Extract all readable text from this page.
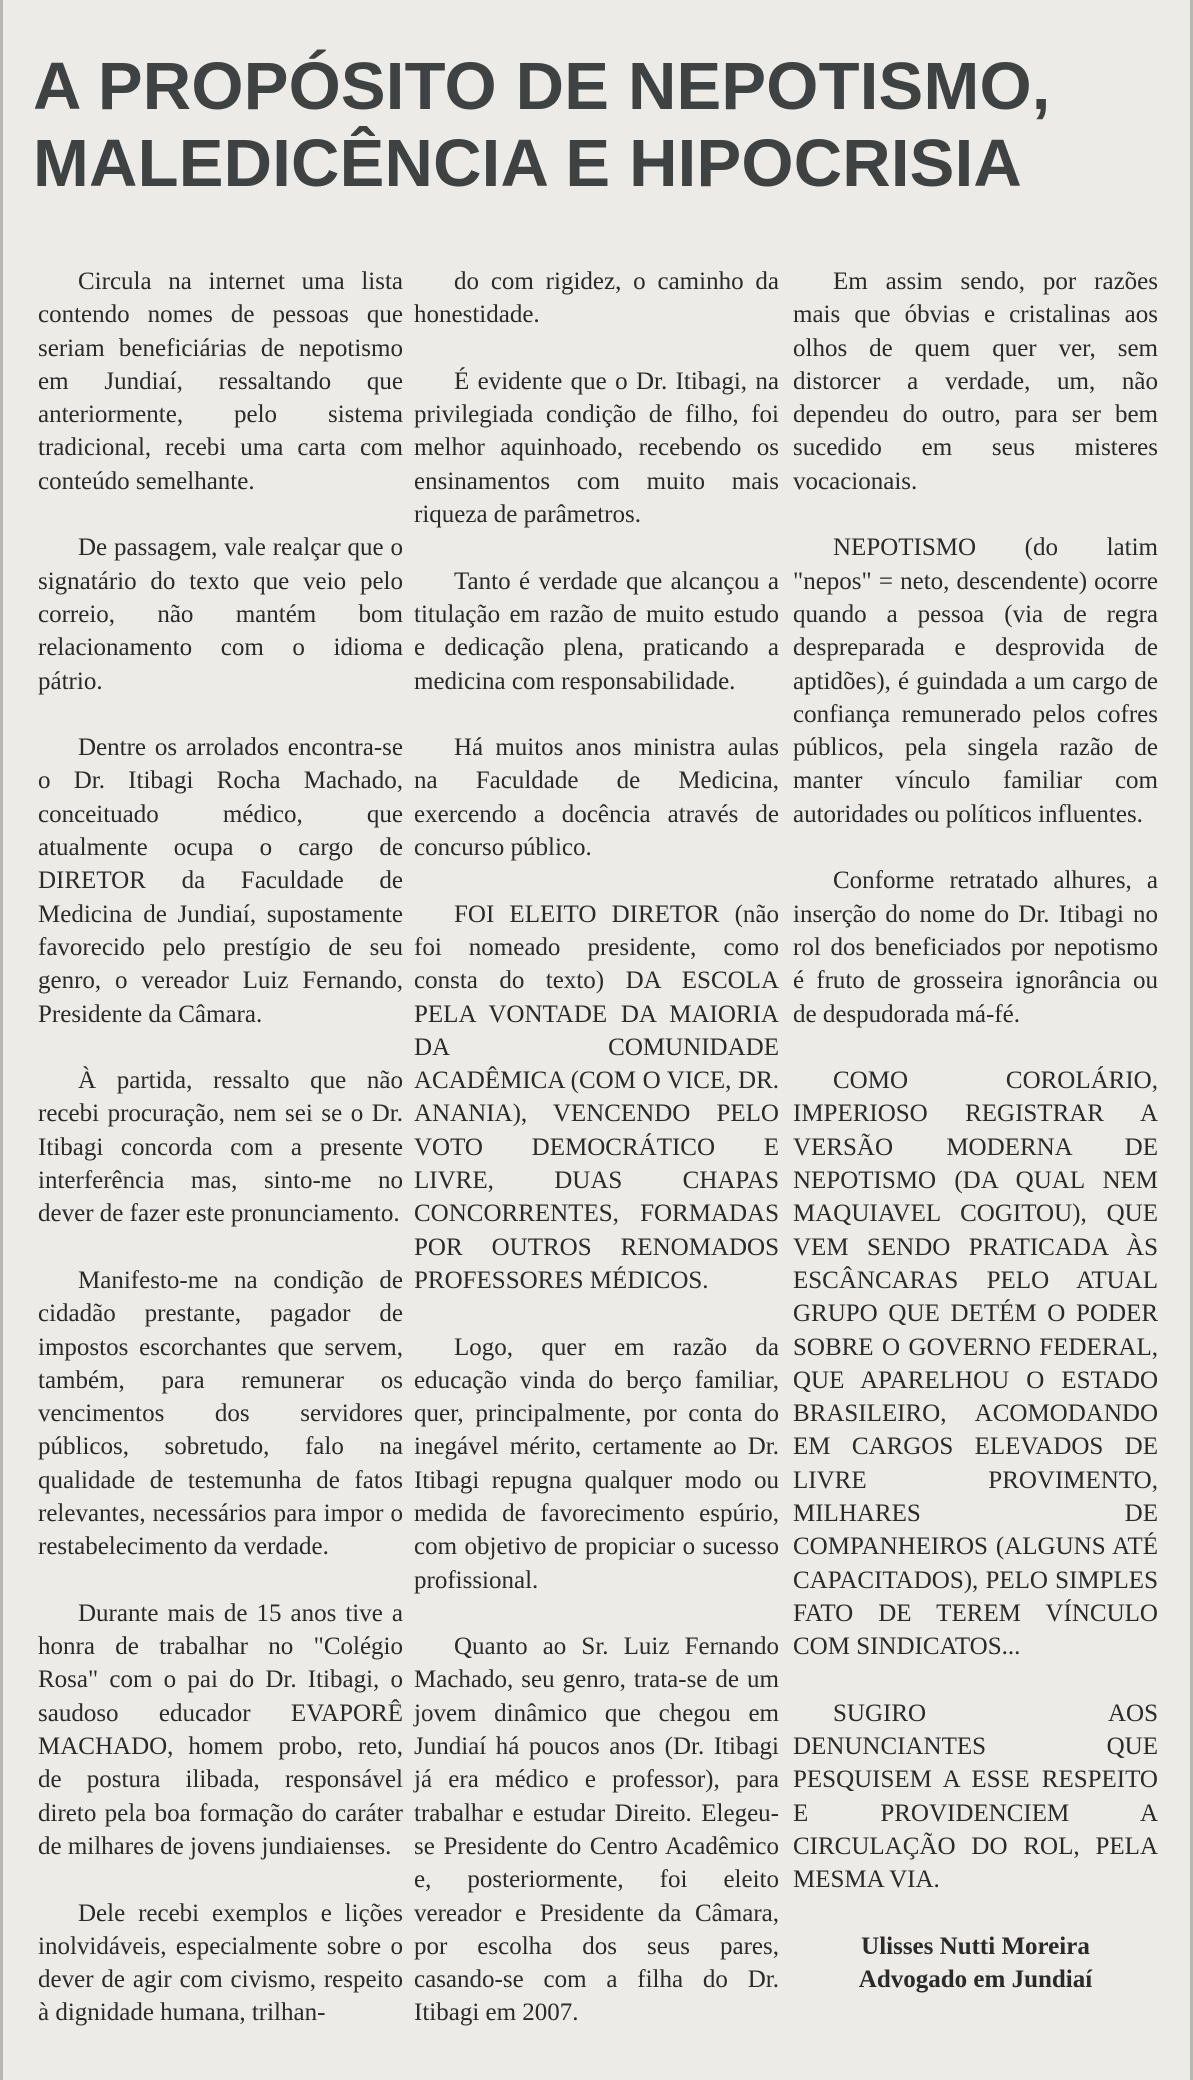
A PROPÓSITO DE NEPOTISMO,
MALEDICÊNCIA E HIPOCRISIA

Circula na internet uma lista contendo nomes de pessoas que seriam beneficiárias de nepotismo em Jundiaí, ressaltando que anteriormente, pelo sistema tradicional, recebi uma carta com conteúdo semelhante.

De passagem, vale realçar que o signatário do texto que veio pelo correio, não mantém bom relacionamento com o idioma pátrio.

Dentre os arrolados encontra-se o Dr. Itibagi Rocha Machado, conceituado médico, que atualmente ocupa o cargo de DIRETOR da Faculdade de Medicina de Jundiaí, supostamente favorecido pelo prestígio de seu genro, o vereador Luiz Fernando, Presidente da Câmara.

À partida, ressalto que não recebi procuração, nem sei se o Dr. Itibagi concorda com a presente interferência mas, sinto-me no dever de fazer este pronunciamento.

Manifesto-me na condição de cidadão prestante, pagador de impostos escorchantes que servem, também, para remunerar os vencimentos dos servidores públicos, sobretudo, falo na qualidade de testemunha de fatos relevantes, necessários para impor o restabelecimento da verdade.

Durante mais de 15 anos tive a honra de trabalhar no "Colégio Rosa" com o pai do Dr. Itibagi, o saudoso educador EVAPORÊ MACHADO, homem probo, reto, de postura ilibada, responsável direto pela boa formação do caráter de milhares de jovens jundiaienses.

Dele recebi exemplos e lições inolvidáveis, especialmente sobre o dever de agir com civismo, respeito à dignidade humana, trilhan-

do com rigidez, o caminho da honestidade.

É evidente que o Dr. Itibagi, na privilegiada condição de filho, foi melhor aquinhoado, recebendo os ensinamentos com muito mais riqueza de parâmetros.

Tanto é verdade que alcançou a titulação em razão de muito estudo e dedicação plena, praticando a medicina com responsabilidade.

Há muitos anos ministra aulas na Faculdade de Medicina, exercendo a docência através de concurso público.

FOI ELEITO DIRETOR (não foi nomeado presidente, como consta do texto) DA ESCOLA PELA VONTADE DA MAIORIA DA COMUNIDADE ACADÊMICA (COM O VICE, DR. ANANIA), VENCENDO PELO VOTO DEMOCRÁTICO E LIVRE, DUAS CHAPAS CONCORRENTES, FORMADAS POR OUTROS RENOMADOS PROFESSORES MÉDICOS.

Logo, quer em razão da educação vinda do berço familiar, quer, principalmente, por conta do inegável mérito, certamente ao Dr. Itibagi repugna qualquer modo ou medida de favorecimento espúrio, com objetivo de propiciar o sucesso profissional.

Quanto ao Sr. Luiz Fernando Machado, seu genro, trata-se de um jovem dinâmico que chegou em Jundiaí há poucos anos (Dr. Itibagi já era médico e professor), para trabalhar e estudar Direito. Elegeu-se Presidente do Centro Acadêmico e, posteriormente, foi eleito vereador e Presidente da Câmara, por escolha dos seus pares, casando-se com a filha do Dr. Itibagi em 2007.

Em assim sendo, por razões mais que óbvias e cristalinas aos olhos de quem quer ver, sem distorcer a verdade, um, não dependeu do outro, para ser bem sucedido em seus misteres vocacionais.

NEPOTISMO (do latim "nepos" = neto, descendente) ocorre quando a pessoa (via de regra despreparada e desprovida de aptidões), é guindada a um cargo de confiança remunerado pelos cofres públicos, pela singela razão de manter vínculo familiar com autoridades ou políticos influentes.

Conforme retratado alhures, a inserção do nome do Dr. Itibagi no rol dos beneficiados por nepotismo é fruto de grosseira ignorância ou de despudorada má-fé.

COMO COROLÁRIO, IMPERIOSO REGISTRAR A VERSÃO MODERNA DE NEPOTISMO (DA QUAL NEM MAQUIAVEL COGITOU), QUE VEM SENDO PRATICADA ÀS ESCÂNCARAS PELO ATUAL GRUPO QUE DETÉM O PODER SOBRE O GOVERNO FEDERAL, QUE APARELHOU O ESTADO BRASILEIRO, ACOMODANDO EM CARGOS ELEVADOS DE LIVRE PROVIMENTO, MILHARES DE COMPANHEIROS (ALGUNS ATÉ CAPACITADOS), PELO SIMPLES FATO DE TEREM VÍNCULO COM SINDICATOS...

SUGIRO AOS DENUNCIANTES QUE PESQUISEM A ESSE RESPEITO E PROVIDENCIEM A CIRCULAÇÃO DO ROL, PELA MESMA VIA.

Ulisses Nutti Moreira
Advogado em Jundiaí
